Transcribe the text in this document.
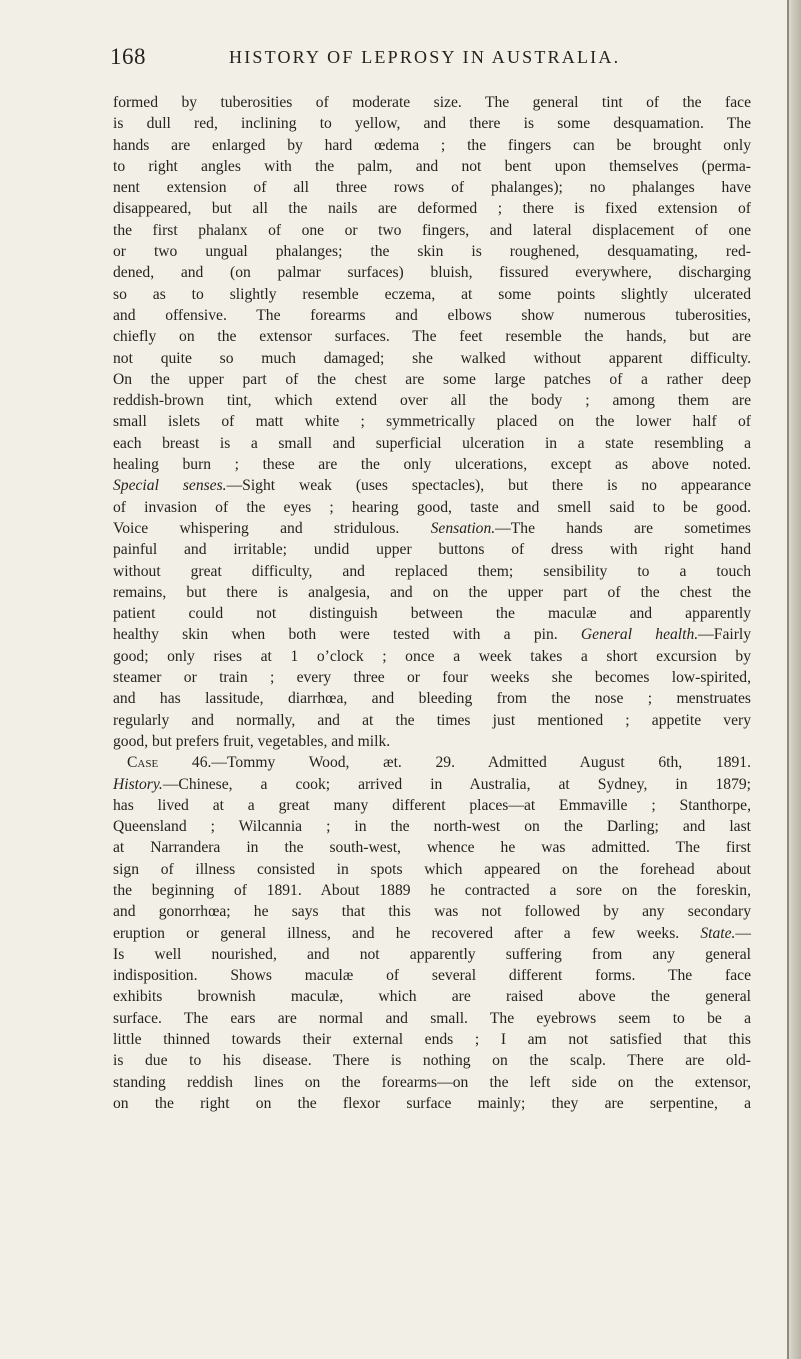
168	HISTORY OF LEPROSY IN AUSTRALIA.
formed by tuberosities of moderate size. The general tint of the face
is dull red, inclining to yellow, and there is some desquamation. The
hands are enlarged by hard œdema ; the fingers can be brought only
to right angles with the palm, and not bent upon themselves (perma-
nent extension of all three rows of phalanges); no phalanges have
disappeared, but all the nails are deformed ; there is fixed extension of
the first phalanx of one or two fingers, and lateral displacement of one
or two ungual phalanges; the skin is roughened, desquamating, red-
dened, and (on palmar surfaces) bluish, fissured everywhere, discharging
so as to slightly resemble eczema, at some points slightly ulcerated
and offensive. The forearms and elbows show numerous tuberosities,
chiefly on the extensor surfaces. The feet resemble the hands, but are
not quite so much damaged; she walked without apparent difficulty.
On the upper part of the chest are some large patches of a rather deep
reddish-brown tint, which extend over all the body ; among them are
small islets of matt white ; symmetrically placed on the lower half of
each breast is a small and superficial ulceration in a state resembling a
healing burn ; these are the only ulcerations, except as above noted.
Special senses.—Sight weak (uses spectacles), but there is no appearance
of invasion of the eyes ; hearing good, taste and smell said to be good.
Voice whispering and stridulous. Sensation.—The hands are sometimes
painful and irritable; undid upper buttons of dress with right hand
without great difficulty, and replaced them; sensibility to a touch
remains, but there is analgesia, and on the upper part of the chest the
patient could not distinguish between the maculæ and apparently
healthy skin when both were tested with a pin. General health.—Fairly
good; only rises at 1 o’clock ; once a week takes a short excursion by
steamer or train ; every three or four weeks she becomes low-spirited,
and has lassitude, diarrhœa, and bleeding from the nose ; menstruates
regularly and normally, and at the times just mentioned ; appetite very
good, but prefers fruit, vegetables, and milk.
Case 46.—Tommy Wood, æt. 29. Admitted August 6th, 1891.
History.—Chinese, a cook; arrived in Australia, at Sydney, in 1879;
has lived at a great many different places—at Emmaville ; Stanthorpe,
Queensland ; Wilcannia ; in the north-west on the Darling; and last
at Narrandera in the south-west, whence he was admitted. The first
sign of illness consisted in spots which appeared on the forehead about
the beginning of 1891. About 1889 he contracted a sore on the foreskin,
and gonorrhœa; he says that this was not followed by any secondary
eruption or general illness, and he recovered after a few weeks. State.—
Is well nourished, and not apparently suffering from any general
indisposition. Shows maculæ of several different forms. The face
exhibits brownish maculæ, which are raised above the general
surface. The ears are normal and small. The eyebrows seem to be a
little thinned towards their external ends ; I am not satisfied that this
is due to his disease. There is nothing on the scalp. There are old-
standing reddish lines on the forearms—on the left side on the extensor,
on the right on the flexor surface mainly; they are serpentine, a
